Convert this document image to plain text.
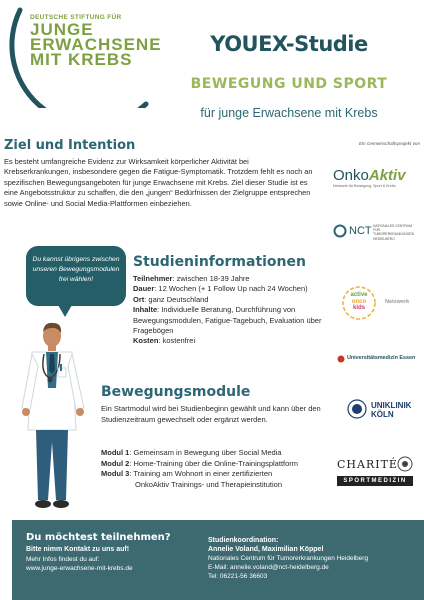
DEUTSCHE STIFTUNG FÜR
JUNGE
ERWACHSENE
MIT KREBS
YOUEX-Studie
BEWEGUNG UND SPORT
für junge Erwachsene mit Krebs
Ziel und Intention
Es besteht umfangreiche Evidenz zur Wirksamkeit körperlicher Aktivität bei Krebserkrankungen, insbesondere gegen die Fatigue-Symptomatik. Trotzdem fehlt es noch an spezifischen Bewegungsangeboten für junge Erwachsene mit Krebs. Ziel dieser Studie ist es eine Angebotsstruktur zu schaffen, die den „jungen“ Bedürfnissen der Zielgruppe entsprechen sowie Online- und Social Media-Plattformen einbeziehen.
Du kannst übrigens zwischen unseren Bewegungsmodulen frei wählen!
Studieninformationen
Teilnehmer: zwischen 18-39 Jahre
Dauer: 12 Wochen (+ 1 Follow Up nach 24 Wochen)
Ort: ganz Deutschland
Inhalte: Individuelle Beratung, Durchführung von Bewegungsmodulen, Fatigue-Tagebuch, Evaluation über Fragebögen
Kosten: kostenfrei
Bewegungsmodule
Ein Startmodul wird bei Studienbeginn gewählt und kann über den Studienzeitraum gewechselt oder ergänzt werden.
Modul 1: Gemeinsam in Bewegung über Social Media
Modul 2: Home-Training über die Online-Trainingsplattform
Modul 3: Training am Wohnort in einer zertifizierten
OnkoAktiv Trainings- und Therapieinstitution
Ein Gemeinschaftsprojekt von
OnkoAktiv
Netzwerk für Bewegung, Sport & Krebs
NCT NATIONALES CENTRUM
FÜR TUMORERKRANKUNGEN
HEIDELBERG
active
onco
kids
Netzwerk
Universitätsmedizin Essen
UNIKLINIK
KÖLN
CHARITÉ
SPORTMEDIZIN
Du möchtest teilnehmen?
Bitte nimm Kontakt zu uns auf!
Mehr Infos findest du auf:
www.junge-erwachsene-mit-krebs.de
Studienkoordination:
Annelie Voland, Maximilian Köppel
Nationales Centrum für Tumorerkrankungen Heidelberg
E-Mail: annelie.voland@nct-heidelberg.de
Tel: 06221-56 36603
